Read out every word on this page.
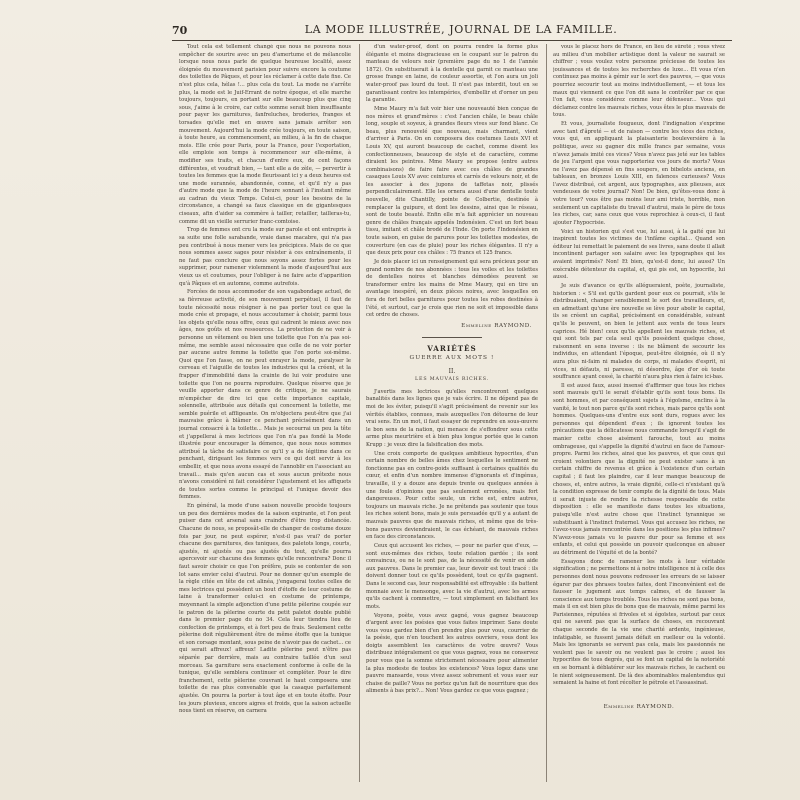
70	LA MODE ILLUSTRÉE, JOURNAL DE LA FAMILLE.

Tout cela est tellement changé que nous ne pouvons nous empêcher de sourire avec un peu d'amertume et de mélancolie lorsque nous nous parle de quelque heureuse localité, assez éloignée du mouvement parisien pour suivre encore la coutume des toilettes de Pâques, et pour les réclamer à cette date fixe. Ce n'est plus cela, hélas !... plus cela du tout. La mode ne s'arrête plus, la mode est le Juif-Errant de notre époque, et elle marche toujours, toujours, en portant sur elle beaucoup plus que cinq sous, j'aime à le croire, car cette somme serait bien insuffisante pour payer les garnitures, fanfreluches, broderies, franges et torsades qu'elle met en œuvre sans jamais arrêter son mouvement. Aujourd'hui la mode crée toujours, en toute saison, à toute heure, au commencement, au milieu, à la fin de chaque mois. Elle crée pour Paris, pour la France, pour l'exportation, elle emploie son temps à recommencer sur elle-même, à modifier ses traits, et chacun d'entre eux, de cent façons différentes, et voudrait bien, — tant elle a de zèle, — pervertir à toutes les femmes que la mode fleurissant ici y a deux heures est une mode surannée, abandonnée, conne, et qu'il n'y a pas d'autre mode que la mode de l'heure sonnant à l'instant même au cadran du vieux Temps. Celui-ci, pour les besoins de la circonstance, a changé sa faux classique en de gigantesques ciseaux, afin d'aider sa commère à tailler, retailler, tailleras-tu, comme dit un vieille serrurier franc-comtoise.

Trop de femmes ont cru la mode sur parole et ont entrepris à sa suite une folle sarabande, vraie danse macabre, qui n'a pas peu contribué à nous mener vers les précipices. Mais de ce que nous sommes assez sages pour résister à ces entraînements, il ne faut pas conclure que nous soyons assez fortes pour les supprimer, pour ramener violemment la mode d'aujourd'hui aux vieux us et coutumes, pour l'obliger à ne faire acte d'apparition qu'à Pâques et en automne, comme autrefois.

Forcées de nous accommoder de son vagabondage actuel, de sa fièvreuse activité, de son mouvement perpétuel, il faut de toute nécessité nous résigner à ne pas porter tout ce que la mode crée et propage, et nous accoutumer à choisir, parmi tous les objets qu'elle nous offre, ceux qui cadrent le mieux avec nos âges, nos goûts et nos ressources. La protection de ne voir à personne un vêtement ou bien une toilette que l'on n'a pas soi-même, me semble aussi nécessaire que celle de ne voir porter par aucune autre femme la toilette que l'on porte soi-même. Quoi que l'on fasse, on ne peut enrayer la mode, paralyser le cerveau et l'aiguille de toutes les industries qui la créent, et la frapper d'immobilité dans la crainte de lui voir produire une toilette que l'on ne pourra reproduire. Quelque réserve que je veuille apporter dans ce genre de critique, je ne saurais m'empêcher de dire ici que cette importance capitale, solennelle, attribuée aux détails qui concernent la toilette, me semble puérile et affligeante. On m'objectera peut-être que j'ai mauvaise grâce à blâmer ce penchant précisément dans un journal consacré à la toilette... Mais je secourrai un peu la tête et j'appellerai à mes lectrices que l'on n'a pas fondé la Mode illustrée pour encourager la démence, que nous nous sommes attribué la tâche de satisfaire ce qu'il y a de légitime dans ce penchant, dirigeant les femmes vers ce qui doit servir à les embellir, et que nous avons essayé de l'annoblir en l'associant au travail... mais qu'en aucun cas et sous aucun prétexte nous n'avons considéré ni fait considérer l'ajustement et les affiquets de toutes sortes comme le principal et l'unique devoir des femmes.

En général, la mode d'une saison nouvelle procède toujours un peu des dernières modes de la saison expirante, et l'on peut puiser dans cet arsenal sans craindre d'être trop distancée. Chacune de nous, se proposât-elle de changer de costume douze fois par jour, ne peut espérer, n'est-il pas vrai? de porter chacune des garnitures, des tuniques, des paletots longs, courts, ajustés, ni ajustés ou pas ajustés du tout, qu'elle pourra apercevoir sur chacune des femmes qu'elle rencontrera? Donc il faut savoir choisir ce que l'on préfère, puis se contenter de son lot sans envier celui d'autrui. Pour ne donner qu'un exemple de la règle citée en tête de cet alinéa, j'engagerai toutes celles de mes lectrices qui possèdent un bout d'étoffe de leur costume de laine à transformer celui-ci en costume de printemps, moyennant la simple adjonction d'une petite pèlerine coupée sur le patron de la pèlerine courte du petit paletot double publié dans le premier page du no 34. Cela leur tiendra lieu de confection de printemps, et à fort peu de frais. Seulement cette pèlerine doit régulièrement être de même étoffe que la tunique et son corsage montant, sous peine de n'avoir pas de cachet... ce qui serait affreux! affreux! Ladite pèlerine peut n'être pas séparée par derrière, mais au contraire taillée d'un seul morceau. Sa garniture sera exactement conforme à celle de la tunique, qu'elle semblera continuer et compléter. Pour le dire franchement, cette pèlerine couvrant le haut composera une toilette de ras plus convenable que la casaque parfaitement ajustée. On pourra la porter à tout âge et en toute étoffe. Pour les jours pluvieux, encore aigres et froids, que la saison actuelle nous tient en réserve, on carnera

d'un water-proof, dont on pourra rendre la forme plus élégante et moins disgracieuse en le coupant sur le patron du manteau de velours noir (première page du no 1 de l'année 1872). On substituerait à la dentelle qui garnit ce manteau une grosse frange en laine, de couleur assortie, et l'on aura un joli water-proof pas lourd du tout. Il n'est pas interdit, tout en se garantissant contre les intempéries, d'embellir et d'orner un peu la garantie.

Mme Maury m'a fait voir hier une nouveauté bien conçue de nos mères et grand'mères : c'est l'ancien châle, le beau châle long, souple et soyeux, à grandes fleurs vives sur fond blanc. Ce beau, plus renouvelé que nouveau, mais charmant, vient d'arriver à Paris. On en composera des costumes Louis XVI et Louis XV, qui auront beaucoup de cachet, comme disent les confectionneuses, beaucoup de style et de caractère, comme diraient les peintres. Mme Maury se propose (entre autres combinaisons) de faire faire avec ces châles de grandes casaques Louis XV avec ceintures et carrés de velours noir, et de les associer à des jupons de taffetas noir, plissés perpendiculairement. Elle les ornera aussi d'une dentelle toute nouvelle, dite Chantilly, pointe de Colbertie, destinée à remplacer la guipure, et dont les dessins, ainsi que le réseau, sont de toute beauté. Enfin elle m'a fait apprécier un nouveau genre de châles français appelés Indonésien. C'est un fort beau tissu, imitant et châle brodé de l'Inde. On porte l'Indonésien en toute saison, en guise de parures pour les toilettes modestes, de couverture (en cas de pluie) pour les riches élégantes. Il n'y a que deux prix pour ces châles : 75 francs et 125 francs.

Je dois placer ici un renseignement qui sera précieux pour un grand nombre de nos abonnées : tous les voiles et les toilettes de dentelles noires et blanches démodées peuvent se transformer entre les mains de Mme Maury, qui en tire un avantage inespéré, en deux pièces noires, avec lesquelles on fera de fort belles garnitures pour toutes les robes destinées à l'été, et surtout, car je crois que rien ne soit et impossible dans cet ordre de choses.

Emmeline RAYMOND.
VARIÉTÉS
GUERRE AUX MOTS !
II.
LES MAUVAIS RICHES.

J'avertis mes lectrices qu'elles rencontreront quelques banalités dans les lignes que je vais écrire. Il ne dépend pas de moi de les éviter, puisqu'il s'agit précisément de revenir sur les vérités établies, connues, mais auxquelles l'on détourne de leur vrai sens. En un mot, il faut essayer de reprendre en sous-œuvre le bon sens de la nation, qui menace de s'effondrer sous cette arme plus meurtrière et à bien plus longue portée que le canon Krupp : je veux dire la falsification des mots.

Une croix comporte de quelques ambitieux hypocrites, d'un certain nombre de belles âmes chez lesquelles le sentiment ne fonctionne pas en contre-poids suffisant à certaines qualités du cœur, et enfin d'un nombre immense d'ignorants et d'ingénus, travaille, il y a douze ans depuis trente ou quelques années à une foule d'opinions que pas seulement erronées, mais fort dangereuses. Pour cette seule, un riche est, entre autres, toujours un mauvais riche. Je ne prétends pas soutenir que tous les riches soient bons, mais je suis persuadée qu'il y a autant de mauvais pauvres que de mauvais riches, et même que de très-bons pauvres deviendraient, le cas échéant, de mauvais riches en face des circonstances.

Ceux qui accusent les riches, — pour ne parler que d'eux, — sont eux-mêmes des riches, toute relation gardée ; ils sont convaincus, ou ne le sont pas, de la nécessité de venir en aide aux pauvres. Dans le premier cas, leur devoir est tout tracé : ils doivent donner tout ce qu'ils possèdent, tout ce qu'ils gagnent. Dans le second cas, leur responsabilité est effroyable : ils battent monnaie avec le mensonge, avec la vie d'autrui, avec les armes qu'ils cachent à commettre, — tout simplement en falsifiant les mots.

Voyons, poète, vous avez gagné, vous gagnez beaucoup d'argent avec les poésies que vous faites imprimer. Sans doute vous vous gardez bien d'en prendre plus pour vous, courrier de la poésie, que n'en touchent les autres ouvriers, vous dont les doigts assemblent les caractères de votre œuvre? Vous distribuez intégralement ce que vous gagnez, vous ne conservez pour vous que la somme strictement nécessaire pour alimenter la plus modeste de toutes les existences? Vous logez dans une pauvre mansarde, vous vivez assez sobrement et vous suer sur chaise de paille? Vous ne portez qu'un fait de nourriture que des aliments à bas prix?... Non! Vous gardez ce que vous gagnez ;

vous le placez hors de France, en lieu de sûreté ; vous vivez au milieu d'un mobilier artistique dont la valeur ne saurait se chiffrer ; vous voulez votre personne précieuse de toutes les jouissances et de toutes les recherches de luxe... Et vous n'en continuez pas moins à gémir sur le sort des pauvres, — que vous pourriez secourir tout au moins individuellement, — et tous les maux qui viennent ce que l'on dit sans le contrôler par ce que l'on fait, vous considérez comme leur défenseur... Vous qui déclamez contre les mauvais riches, vous êtes le plus mauvais de tous.

Et vous, journaliste fougueux, dont l'indignation s'exprime avec tant d'âpreté — et de raison — contre les vices des riches, vous qui, en appliquant la plaisanterie bouleversière à la politique, avez su gagner dix mille francs par semaine, vous n'avez jamais imité ces vices? Vous n'avez pas jeté sur les tables de jeu l'argent que vous rapporteriez vos jours de morts? Vous ne l'avez pas dépensé en fins soupers, en bibelots anciens, en tableaux, en bronzes Louis XIII, en faïences curieuses? Vous l'avez distribué, cet argent, aux typographes, aux plieuses, aux vendeuses de votre journal? Non! De bien, qu'êtes-vous donc à votre tour? vous être pas moins leur ami triste, horrible, mon seulement un capitaliste du travail d'autrui, mais le père de tous les riches, car, sans ceux que vous reprochiez à ceux-ci, il faut ajouter l'hypocrisie.

Voici un historien qui s'est vue, lui aussi, à la gaité que lui inspirent toutes les victimes de l'infâme capital... Quand son éditeur lui remettait le paiement de ses livres, sans doute il allait incontinent partager son salaire avec les typographes qui les avaient imprimés? Non! Et bien, qu'est-il donc, lui aussi? Un exécrable détenteur du capital, et, qui pis est, un hypocrite, lui aussi.

Je suis d'avance ce qu'ils allégueraient, poète, journaliste, historien : « S'il est qu'ils gardent pour eux ce pourrait, s'ils le distribuaient, changer sensiblement le sort des travailleurs, et, en admettant qu'une ère nouvelle se lève pour abolir le capital, ils se créent un capital, précisément en considérable, suivant qu'ils le peuvent, on bien le jettent aux vents de tous leurs caprices. Hé bien! ceux qu'ils appellent les mauvais riches, et qui sont tels par cela seul qu'ils possèdent quelque chose, raisonnent en sens inverse : ils ne blâment de secourir les individus, en attendant l'époque, peut-être éloignée, où il n'y aura plus ni-faim ni malades de corps, ni malades d'esprit, ni vices, ni défauts, ni paresse, ni désordre, âge d'or où toute souffrance ayant cessé, la charité n'aura plus rien à faire ici-bas.

Il est aussi faux, aussi insensé d'affirmer que tous les riches sont mauvais qu'il le serait d'établir qu'ils sont tous bons. Ils sont hommes, et par conséquent sujets à l'égoïsme, enclins à la vanité, le tout non parce qu'ils sont riches, mais parce qu'ils sont hommes. Quelques-uns d'entre eux sont durs, rogues avec les personnes qui dépendent d'eux ; ils ignorent toutes les précautions que la délicatesse nous commande lorsqu'il s'agit de manier cette chose aisément farouche, tout au moins ombrageuse, qui s'appelle la dignité d'autrui en face de l'amour-propre. Parmi les riches, ainsi que les pauvres, et que ceux qui croient volontiers que la dignité ne peut exister sans à un certain chiffre de revenus et grâce à l'existence d'un certain capital ; il faut les plaindre, car il leur manque beaucoup de choses, et, entre autres, la vraie dignité, celle-ci n'existant qu'à la condition expresse de tenir compte de la dignité de tous. Mais il serait injuste de rendre la richesse responsable de cette disposition : elle se manifeste dans toutes les situations, puisqu'elle n'est autre chose que l'instinct tyrannique se substituant à l'instinct fraternel. Vous qui accusez les riches, ne l'avez-vous jamais rencontrée dans les positions les plus infimes? N'avez-vous jamais vu le pauvre dur pour sa femme et ses enfants, et celui qui possède un pouvoir quelconque en abuser au détriment de l'équité et de la bonté?

Essayons donc de ramener les mots à leur véritable signification ; ne permettons ni à notre intelligence ni à celle des personnes dont nous pouvons redresser les erreurs de se laisser égarer par des phrases toutes faites, dont l'inconvénient est de fausser le jugement aux temps calmes, et de fausser la conscience aux temps troublés. Tous les riches ne sont pas bons, mais il en est bien plus de bons que de mauvais, même parmi les Parisiennes, réputées si frivoles et si égoïstes, surtout par ceux qui ne savent pas que la surface de choses, en recouvrant chaque seconde de la vie une charité ardente, ingénieuse, infatigable, se fussent jamais défait en ruelleur ou la volonté. Mais les ignorants se servent pas cela, mais les passionnés ne veulent pas le savoir ou ne veulent pas le croire ; aussi les hypocrites de tous degrés, qui se font un capital de la notoriété en se bornant à déblatérer sur les mauvais riches, le cachent ou le nient soigneusement. De là des abominables malentendus qui semaient la haine et font récolter le pétrole et l'assassinat.

Emmeline RAYMOND.
